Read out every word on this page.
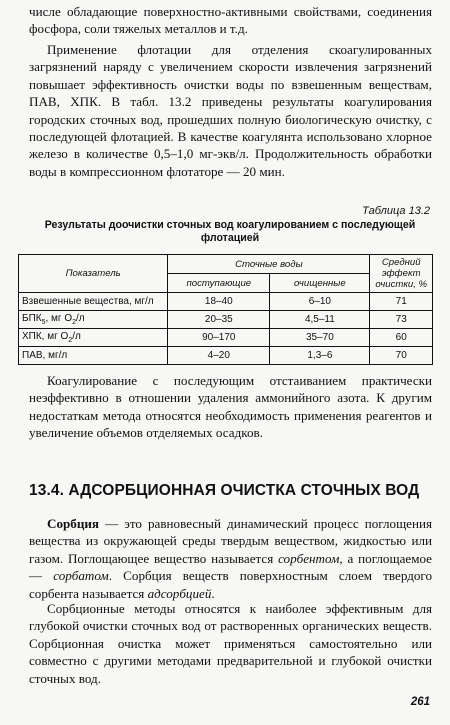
числе обладающие поверхностно-активными свойствами, соединения фосфора, соли тяжелых металлов и т.д.

Применение флотации для отделения скоагулированных загрязнений наряду с увеличением скорости извлечения загрязнений повышает эффективность очистки воды по взвешенным веществам, ПАВ, ХПК. В табл. 13.2 приведены результаты коагулирования городских сточных вод, прошедших полную биологическую очистку, с последующей флотацией. В качестве коагулянта использовано хлорное железо в количестве 0,5–1,0 мг-экв/л. Продолжительность обработки воды в компрессионном флотаторе — 20 мин.

Таблица 13.2
Результаты доочистки сточных вод коагулированием с последующей флотацией
Показатель	Сточные воды		Средний
эффект
очистки, %
	поступающие	очищенные	
Взвешенные вещества, мг/л	18–40	6–10	71
$БПК_5$, мг $O_2/л$	20–35	4,5–11	73
ХПК, мг $O_2/л$	90–170	35–70	60
ПАВ, мг/л	4–20	1,3–6	70

Коагулирование с последующим отстаиванием практически неэффективно в отношении удаления аммонийного азота. К другим недостаткам метода относятся необходимость применения реагентов и увеличение объемов отделяемых осадков.

13.4. АДСОРБЦИОННАЯ ОЧИСТКА СТОЧНЫХ ВОД

Сорбция — это равновесный динамический процесс поглощения вещества из окружающей среды твердым веществом, жидкостью или газом. Поглощающее вещество называется сорбентом, а поглощаемое — сорбатом. Сорбция веществ поверхностным слоем твердого сорбента называется адсорбцией.

Сорбционные методы относятся к наиболее эффективным для глубокой очистки сточных вод от растворенных органических веществ. Сорбционная очистка может применяться самостоятельно или совместно с другими методами предварительной и глубокой очистки сточных вод.

261
